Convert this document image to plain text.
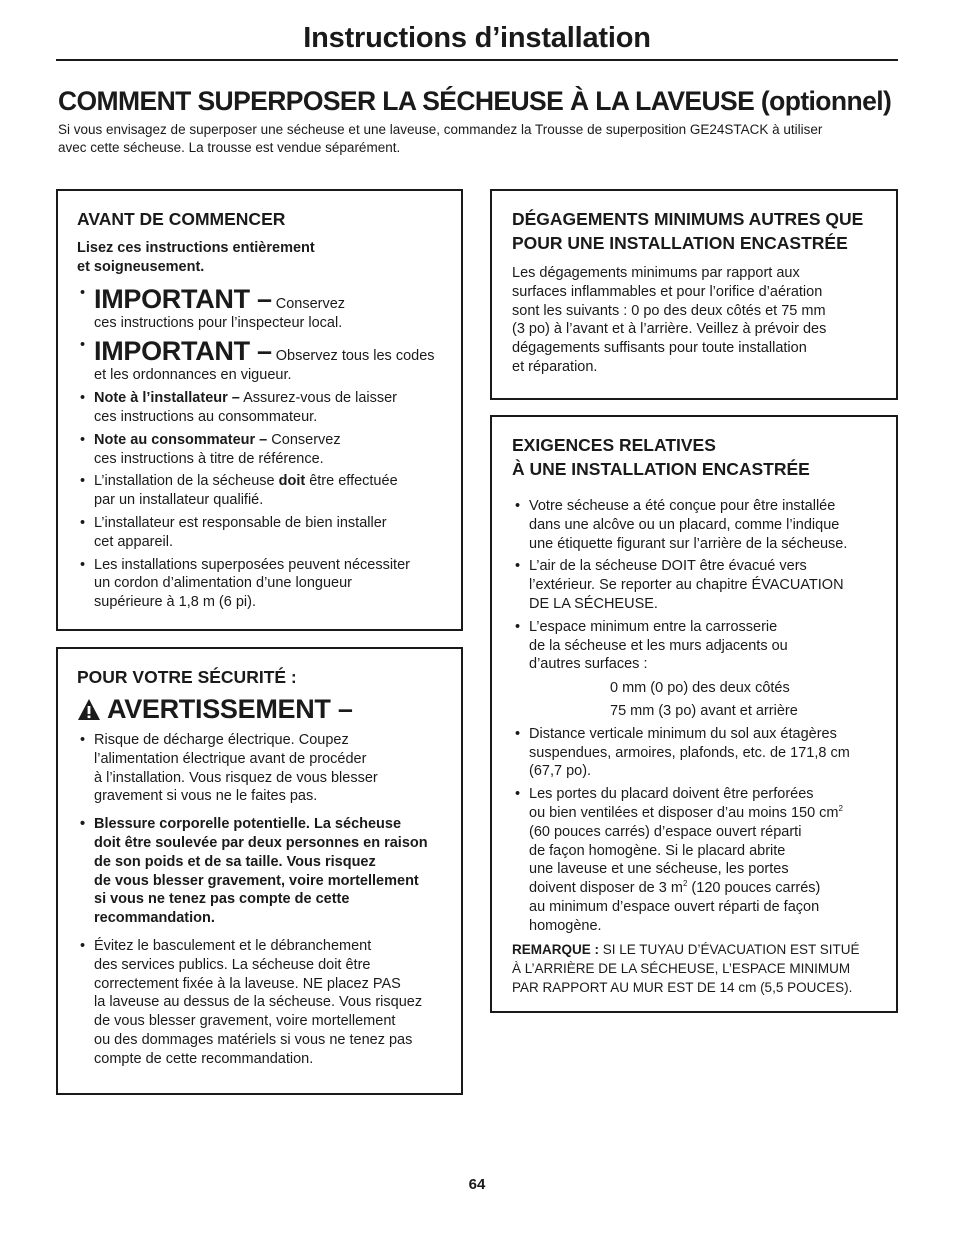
Instructions d’installation
COMMENT SUPERPOSER LA SÉCHEUSE À LA LAVEUSE (optionnel)
Si vous envisagez de superposer une sécheuse et une laveuse, commandez la Trousse de superposition GE24STACK à utiliser
avec cette sécheuse. La trousse est vendue séparément.
AVANT DE COMMENCER
Lisez ces instructions entièrement
et soigneusement.
• IMPORTANT – Conservez
ces instructions pour l’inspecteur local.
• IMPORTANT – Observez tous les codes
et les ordonnances en vigueur.
• Note à l’installateur – Assurez-vous de laisser
ces instructions au consommateur.
• Note au consommateur – Conservez
ces instructions à titre de référence.
• L’installation de la sécheuse doit être effectuée
par un installateur qualifié.
• L’installateur est responsable de bien installer
cet appareil.
• Les installations superposées peuvent nécessiter
un cordon d’alimentation d’une longueur
supérieure à 1,8 m (6 pi).
POUR VOTRE SÉCURITÉ :
AVERTISSEMENT –
• Risque de décharge électrique. Coupez
l’alimentation électrique avant de procéder
à l’installation. Vous risquez de vous blesser
gravement si vous ne le faites pas.
• Blessure corporelle potentielle. La sécheuse
doit être soulevée par deux personnes en raison
de son poids et de sa taille. Vous risquez
de vous blesser gravement, voire mortellement
si vous ne tenez pas compte de cette
recommandation.
• Évitez le basculement et le débranchement
des services publics. La sécheuse doit être
correctement fixée à la laveuse. NE placez PAS
la laveuse au dessus de la sécheuse. Vous risquez
de vous blesser gravement, voire mortellement
ou des dommages matériels si vous ne tenez pas
compte de cette recommandation.
DÉGAGEMENTS MINIMUMS AUTRES QUE
POUR UNE INSTALLATION ENCASTRÉE
Les dégagements minimums par rapport aux
surfaces inflammables et pour l’orifice d’aération
sont les suivants : 0 po des deux côtés et 75 mm
(3 po) à l’avant et à l’arrière. Veillez à prévoir des
dégagements suffisants pour toute installation
et réparation.
EXIGENCES RELATIVES
À UNE INSTALLATION ENCASTRÉE
• Votre sécheuse a été conçue pour être installée
dans une alcôve ou un placard, comme l’indique
une étiquette figurant sur l’arrière de la sécheuse.
• L’air de la sécheuse DOIT être évacué vers
l’extérieur. Se reporter au chapitre ÉVACUATION
DE LA SÉCHEUSE.
• L’espace minimum entre la carrosserie
de la sécheuse et les murs adjacents ou
d’autres surfaces :
0 mm (0 po) des deux côtés
75 mm (3 po) avant et arrière
• Distance verticale minimum du sol aux étagères
suspendues, armoires, plafonds, etc. de 171,8 cm
(67,7 po).
• Les portes du placard doivent être perforées
ou bien ventilées et disposer d’au moins 150 $cm^2$
(60 pouces carrés) d’espace ouvert réparti
de façon homogène. Si le placard abrite
une laveuse et une sécheuse, les portes
doivent disposer de 3 $m^2$ (120 pouces carrés)
au minimum d’espace ouvert réparti de façon
homogène.
REMARQUE : SI LE TUYAU D’ÉVACUATION EST SITUÉ
À L’ARRIÈRE DE LA SÉCHEUSE, L’ESPACE MINIMUM
PAR RAPPORT AU MUR EST DE 14 cm (5,5 POUCES).
64
